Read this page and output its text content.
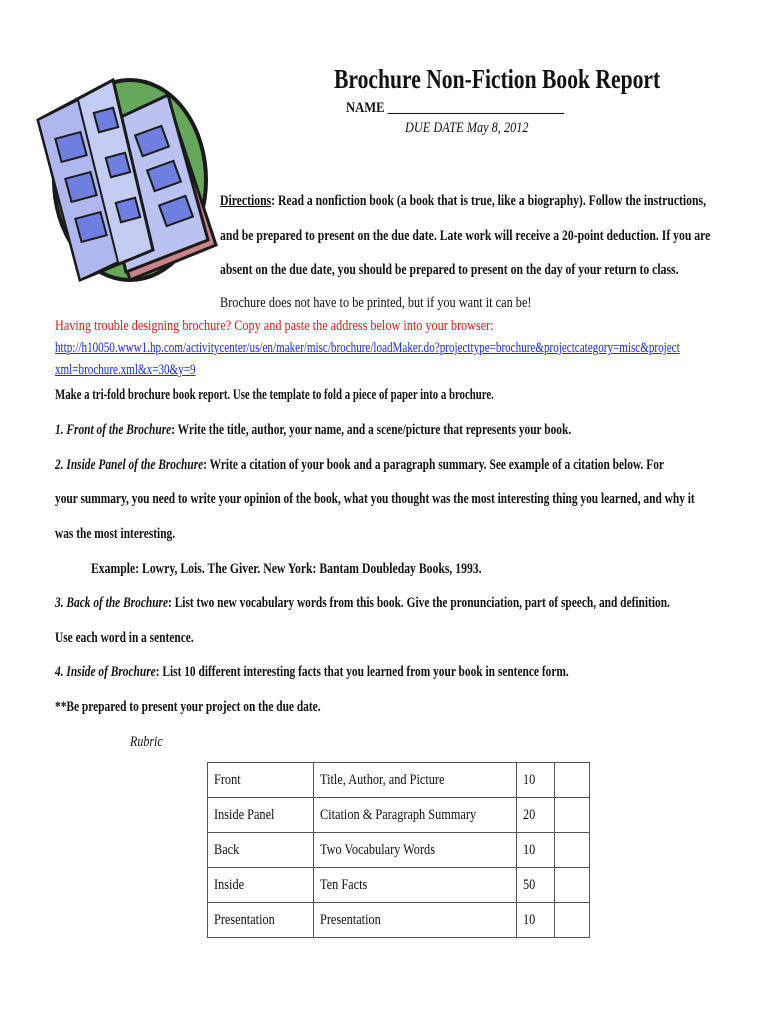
Brochure Non-Fiction Book Report
NAME ____________________________
DUE DATE May 8, 2012
Directions: Read a nonfiction book (a book that is true, like a biography). Follow the instructions,
and be prepared to present on the due date. Late work will receive a 20-point deduction. If you are
absent on the due date, you should be prepared to present on the day of your return to class.
Brochure does not have to be printed, but if you want it can be!
Having trouble designing brochure? Copy and paste the address below into your browser:
http://h10050.www1.hp.com/activitycenter/us/en/maker/misc/brochure/loadMaker.do?projecttype=brochure&projectcategory=misc&project
xml=brochure.xml&x=30&y=9
Make a tri-fold brochure book report. Use the template to fold a piece of paper into a brochure.
1. Front of the Brochure: Write the title, author, your name, and a scene/picture that represents your book.
2. Inside Panel of the Brochure: Write a citation of your book and a paragraph summary. See example of a citation below. For
your summary, you need to write your opinion of the book, what you thought was the most interesting thing you learned, and why it
was the most interesting.
Example: Lowry, Lois. The Giver. New York: Bantam Doubleday Books, 1993.
3. Back of the Brochure: List two new vocabulary words from this book. Give the pronunciation, part of speech, and definition.
Use each word in a sentence.
4. Inside of Brochure: List 10 different interesting facts that you learned from your book in sentence form.
**Be prepared to present your project on the due date.
Rubric
Front	Title, Author, and Picture	10	
Inside Panel	Citation & Paragraph Summary	20	
Back	Two Vocabulary Words	10	
Inside	Ten Facts	50	
Presentation	Presentation	10	
